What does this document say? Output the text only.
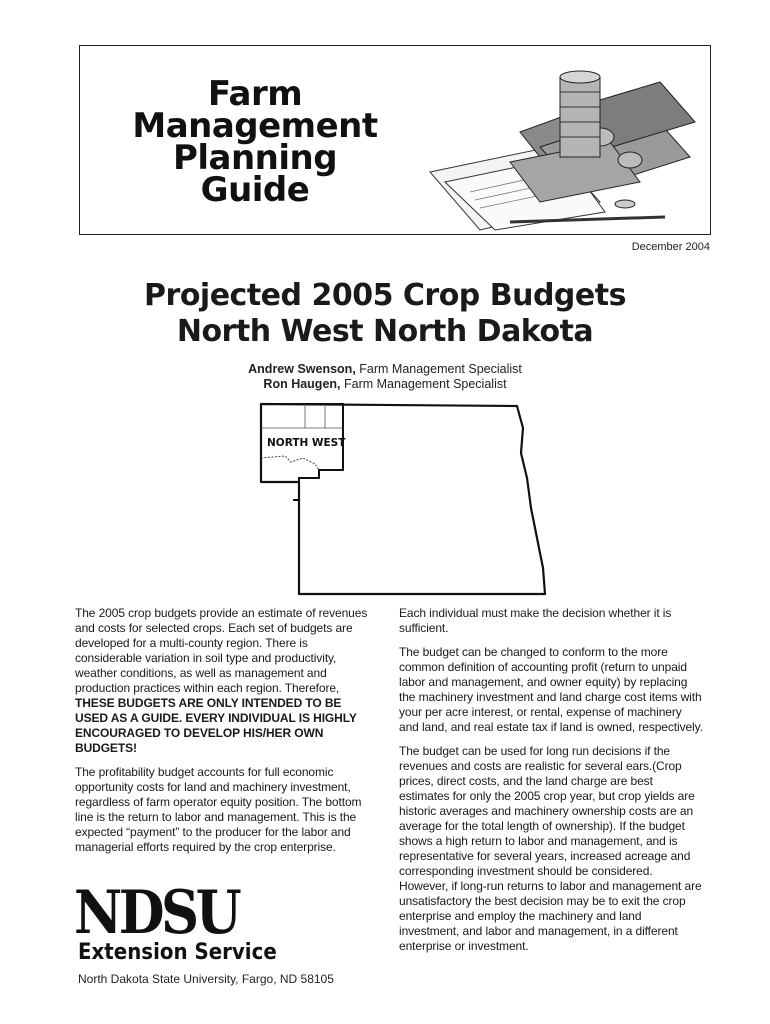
Farm
Management
Planning
Guide
December 2004
Projected 2005 Crop Budgets
North West North Dakota
Andrew Swenson, Farm Management Specialist
Ron Haugen, Farm Management Specialist
NORTH WEST

The 2005 crop budgets provide an estimate of revenues and costs for selected crops. Each set of budgets are developed for a multi-county region. There is considerable variation in soil type and productivity, weather conditions, as well as management and production practices within each region. Therefore, THESE BUDGETS ARE ONLY INTENDED TO BE USED AS A GUIDE. EVERY INDIVIDUAL IS HIGHLY ENCOURAGED TO DEVELOP HIS/HER OWN BUDGETS!

The profitability budget accounts for full economic opportunity costs for land and machinery investment, regardless of farm operator equity position. The bottom line is the return to labor and management. This is the expected “payment” to the producer for the labor and managerial efforts required by the crop enterprise.

Each individual must make the decision whether it is sufficient.

The budget can be changed to conform to the more common definition of accounting profit (return to unpaid labor and management, and owner equity) by replacing the machinery investment and land charge cost items with your per acre interest, or rental, expense of machinery and land, and real estate tax if land is owned, respectively.

The budget can be used for long run decisions if the revenues and costs are realistic for several ears.(Crop prices, direct costs, and the land charge are best estimates for only the 2005 crop year, but crop yields are historic averages and machinery ownership costs are an average for the total length of ownership). If the budget shows a high return to labor and management, and is representative for several years, increased acreage and corresponding investment should be considered. However, if long-run returns to labor and management are unsatisfactory the best decision may be to exit the crop enterprise and employ the machinery and land investment, and labor and management, in a different enterprise or investment.

NDSU
Extension Service
North Dakota State University, Fargo, ND 58105
